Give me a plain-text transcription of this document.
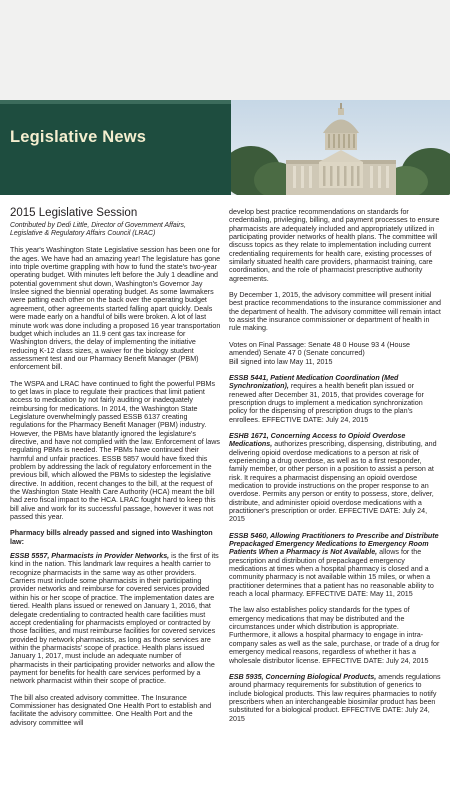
Legislative News
2015 Legislative Session
Contributed by Dedi Little, Director of Government Affairs,
Legislative & Regulatory Affairs Council (LRAC)

This year's Washington State Legislative session has been one for the ages. We have had an amazing year! The legislature has gone into triple overtime grappling with how to fund the state's two-year operating budget. With minutes left before the July 1 deadline and potential government shut down, Washington's Governor Jay Inslee signed the biennial operating budget. As some lawmakers were patting each other on the back over the operating budget agreement, other agreements started falling apart quickly. Deals were made early on a handful of bills were broken. A lot of last minute work was done including a proposed 16 year transportation budget which includes an 11.9 cent gas tax increase for Washington drivers, the delay of implementing the initiative reducing K-12 class sizes, a waiver for the biology student assessment test and our Pharmacy Benefit Manager (PBM) enforcement bill.

The WSPA and LRAC have continued to fight the powerful PBMs to get laws in place to regulate their practices that limit patient access to medication by not fairly auditing or inadequately reimbursing for medications. In 2014, the Washington State Legislature overwhelmingly passed ESSB 6137 creating regulations for the Pharmacy Benefit Manager (PBM) industry. However, the PBMs have blatantly ignored the legislature's directive, and have not complied with the law. Enforcement of laws regulating PBMs is needed. The PBMs have continued their harmful and unfair practices. ESSB 5857 would have fixed this problem by addressing the lack of regulatory enforcement in the previous bill, which allowed the PBMs to sidestep the legislative directive. In addition, recent changes to the bill, at the request of the Washington State Health Care Authority (HCA) meant the bill had zero fiscal impact to the HCA. LRAC fought hard to keep this bill alive and work for its successful passage, however it was not passed this year.

Pharmacy bills already passed and signed into Washington law:

ESSB 5557, Pharmacists in Provider Networks, is the first of its kind in the nation. This landmark law requires a health carrier to recognize pharmacists in the same way as other providers. Carriers must include some pharmacists in their participating provider networks and reimburse for covered services provided within his or her scope of practice. The implementation dates are tiered. Health plans issued or renewed on January 1, 2016, that delegate credentialing to contracted health care facilities must accept credentialing for pharmacists employed or contracted by those facilities, and must reimburse facilities for covered services provided by network pharmacists, as long as those services are within the pharmacists' scope of practice. Health plans issued January 1, 2017, must include an adequate number of pharmacists in their participating provider networks and allow the payment for benefits for health care services performed by a network pharmacist within their scope of practice.

The bill also created advisory committee. The Insurance Commissioner has designated One Health Port to establish and facilitate the advisory committee. One Health Port and the advisory committee will

develop best practice recommendations on standards for credentialing, privileging, billing, and payment processes to ensure pharmacists are adequately included and appropriately utilized in participating provider networks of health plans. The committee will discuss topics as they relate to implementation including current credentialing requirements for health care, existing processes of similarly situated health care providers, pharmacist training, care coordination, and the role of pharmacist prescriptive authority agreements.

By December 1, 2015, the advisory committee will present initial best practice recommendations to the insurance commissioner and the department of health. The advisory committee will remain intact to assist the insurance commissioner or department of health in rule making.

Votes on Final Passage: Senate 48 0 House 93 4 (House amended) Senate 47 0 (Senate concurred)
Bill signed into law May 11, 2015

ESSB 5441, Patient Medication Coordination (Med Synchronization), requires a health benefit plan issued or renewed after December 31, 2015, that provides coverage for prescription drugs to implement a medication synchronization policy for the dispensing of prescription drugs to the plan's enrollees. EFFECTIVE DATE: July 24, 2015

ESHB 1671, Concerning Access to Opioid Overdose Medications, authorizes prescribing, dispensing, distributing, and delivering opioid overdose medications to a person at risk of experiencing a drug overdose, as well as to a first responder, family member, or other person in a position to assist a person at risk. It requires a pharmacist dispensing an opioid overdose medication to provide instructions on the proper response to an overdose. Permits any person or entity to possess, store, deliver, distribute, and administer opioid overdose medications with a practitioner's prescription or order. EFFECTIVE DATE: July 24, 2015

ESSB 5460, Allowing Practitioners to Prescribe and Distribute Prepackaged Emergency Medications to Emergency Room Patients When a Pharmacy is Not Available, allows for the prescription and distribution of prepackaged emergency medications at times when a hospital pharmacy is closed and a community pharmacy is not available within 15 miles, or when a practitioner determines that a patient has no reasonable ability to reach a local pharmacy. EFFECTIVE DATE: May 11, 2015

The law also establishes policy standards for the types of emergency medications that may be distributed and the circumstances under which distribution is appropriate. Furthermore, it allows a hospital pharmacy to engage in intra-company sales as well as the sale, purchase, or trade of a drug for emergency medical reasons, regardless of whether it has a wholesale distributor license. EFFECTIVE DATE: July 24, 2015

ESB 5935, Concerning Biological Products, amends regulations around pharmacy requirements for substitution of generics to include biological products. This law requires pharmacies to notify prescribers when an interchangeable biosimilar product has been substituted for a biological product. EFFECTIVE DATE: July 24, 2015
